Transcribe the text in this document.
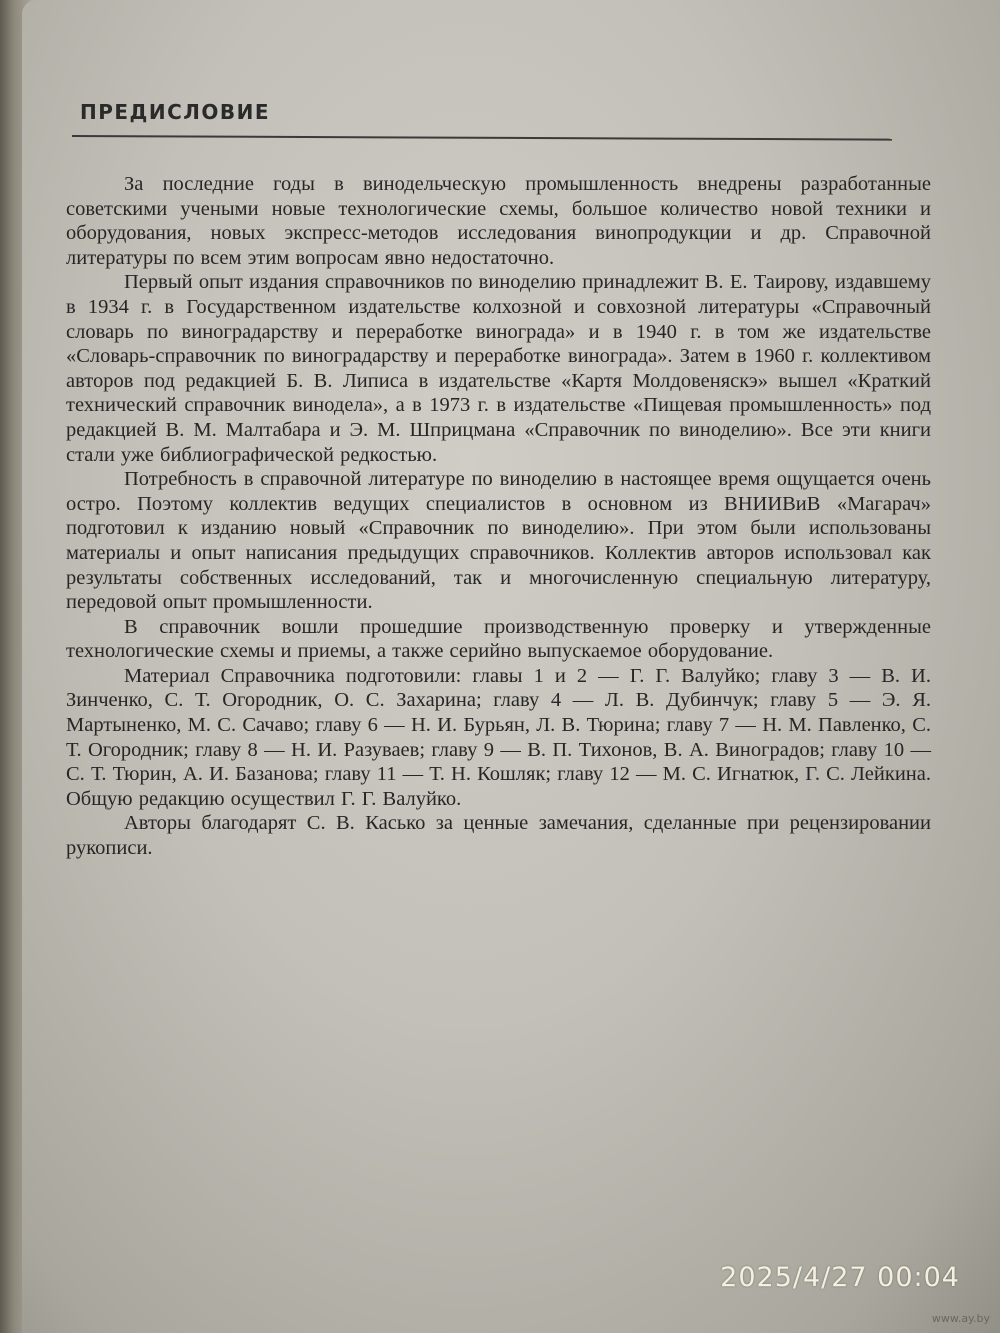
ПРЕДИСЛОВИЕ

За последние годы в винодельческую промышленность внедрены разработанные советскими учеными новые технологические схемы, большое количество новой техники и оборудования, новых экспресс-методов исследования винопродукции и др. Справочной литературы по всем этим вопросам явно недостаточно.

Первый опыт издания справочников по виноделию принадлежит В. Е. Таирову, издавшему в 1934 г. в Государственном издательстве колхозной и совхозной литературы «Справочный словарь по виноградарству и переработке винограда» и в 1940 г. в том же издательстве «Словарь-справочник по виноградарству и переработке винограда». Затем в 1960 г. коллективом авторов под редакцией Б. В. Липиса в издательстве «Картя Молдовеняскэ» вышел «Краткий технический справочник винодела», а в 1973 г. в издательстве «Пищевая промышленность» под редакцией В. М. Малтабара и Э. М. Шприцмана «Справочник по виноделию». Все эти книги стали уже библиографической редкостью.

Потребность в справочной литературе по виноделию в настоящее время ощущается очень остро. Поэтому коллектив ведущих специалистов в основном из ВНИИВиВ «Магарач» подготовил к изданию новый «Справочник по виноделию». При этом были использованы материалы и опыт написания предыдущих справочников. Коллектив авторов использовал как результаты собственных исследований, так и многочисленную специальную литературу, передовой опыт промышленности.

В справочник вошли прошедшие производственную проверку и утвержденные технологические схемы и приемы, а также серийно выпускаемое оборудование.

Материал Справочника подготовили: главы 1 и 2 — Г. Г. Валуйко; главу 3 — В. И. Зинченко, С. Т. Огородник, О. С. Захарина; главу 4 — Л. В. Дубинчук; главу 5 — Э. Я. Мартыненко, М. С. Сачаво; главу 6 — Н. И. Бурьян, Л. В. Тюрина; главу 7 — Н. М. Павленко, С. Т. Огородник; главу 8 — Н. И. Разуваев; главу 9 — В. П. Тихонов, В. А. Виноградов; главу 10 — С. Т. Тюрин, А. И. Базанова; главу 11 — Т. Н. Кошляк; главу 12 — М. С. Игнатюк, Г. С. Лейкина. Общую редакцию осуществил Г. Г. Валуйко.

Авторы благодарят С. В. Касько за ценные замечания, сделанные при рецензировании рукописи.

2025/4/27 00:04
www.ay.by
